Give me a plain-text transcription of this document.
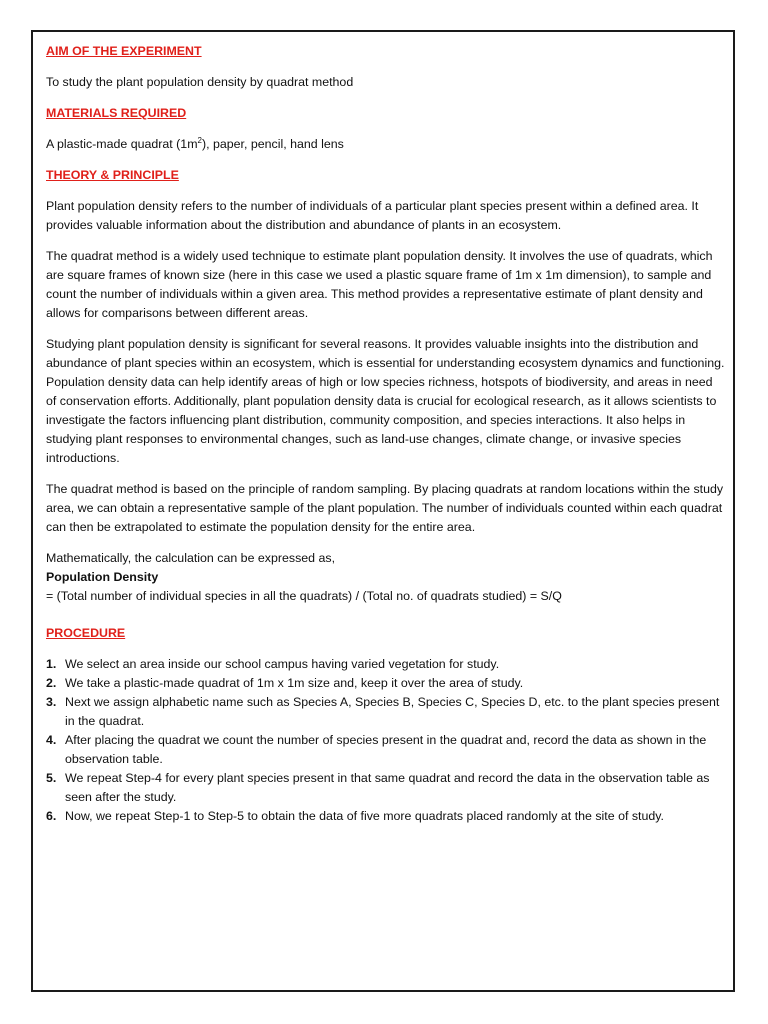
AIM OF THE EXPERIMENT

To study the plant population density by quadrat method

MATERIALS REQUIRED

A plastic-made quadrat $(1m^2)$, paper, pencil, hand lens

THEORY & PRINCIPLE

Plant population density refers to the number of individuals of a particular plant species present within a defined area. It provides valuable information about the distribution and abundance of plants in an ecosystem.

The quadrat method is a widely used technique to estimate plant population density. It involves the use of quadrats, which are square frames of known size (here in this case we used a plastic square frame of 1m x 1m dimension), to sample and count the number of individuals within a given area. This method provides a representative estimate of plant density and allows for comparisons between different areas.

Studying plant population density is significant for several reasons. It provides valuable insights into the distribution and abundance of plant species within an ecosystem, which is essential for understanding ecosystem dynamics and functioning. Population density data can help identify areas of high or low species richness, hotspots of biodiversity, and areas in need of conservation efforts. Additionally, plant population density data is crucial for ecological research, as it allows scientists to investigate the factors influencing plant distribution, community composition, and species interactions. It also helps in studying plant responses to environmental changes, such as land-use changes, climate change, or invasive species introductions.

The quadrat method is based on the principle of random sampling. By placing quadrats at random locations within the study area, we can obtain a representative sample of the plant population. The number of individuals counted within each quadrat can then be extrapolated to estimate the population density for the entire area.

Mathematically, the calculation can be expressed as,

Population Density

= (Total number of individual species in all the quadrats) / (Total no. of quadrats studied) = S/Q

PROCEDURE

1. We select an area inside our school campus having varied vegetation for study.
2. We take a plastic-made quadrat of 1m x 1m size and, keep it over the area of study.
3. Next we assign alphabetic name such as Species A, Species B, Species C, Species D, etc. to the plant species present in the quadrat.
4. After placing the quadrat we count the number of species present in the quadrat and, record the data as shown in the observation table.
5. We repeat Step-4 for every plant species present in that same quadrat and record the data in the observation table as seen after the study.
6. Now, we repeat Step-1 to Step-5 to obtain the data of five more quadrats placed randomly at the site of study.
